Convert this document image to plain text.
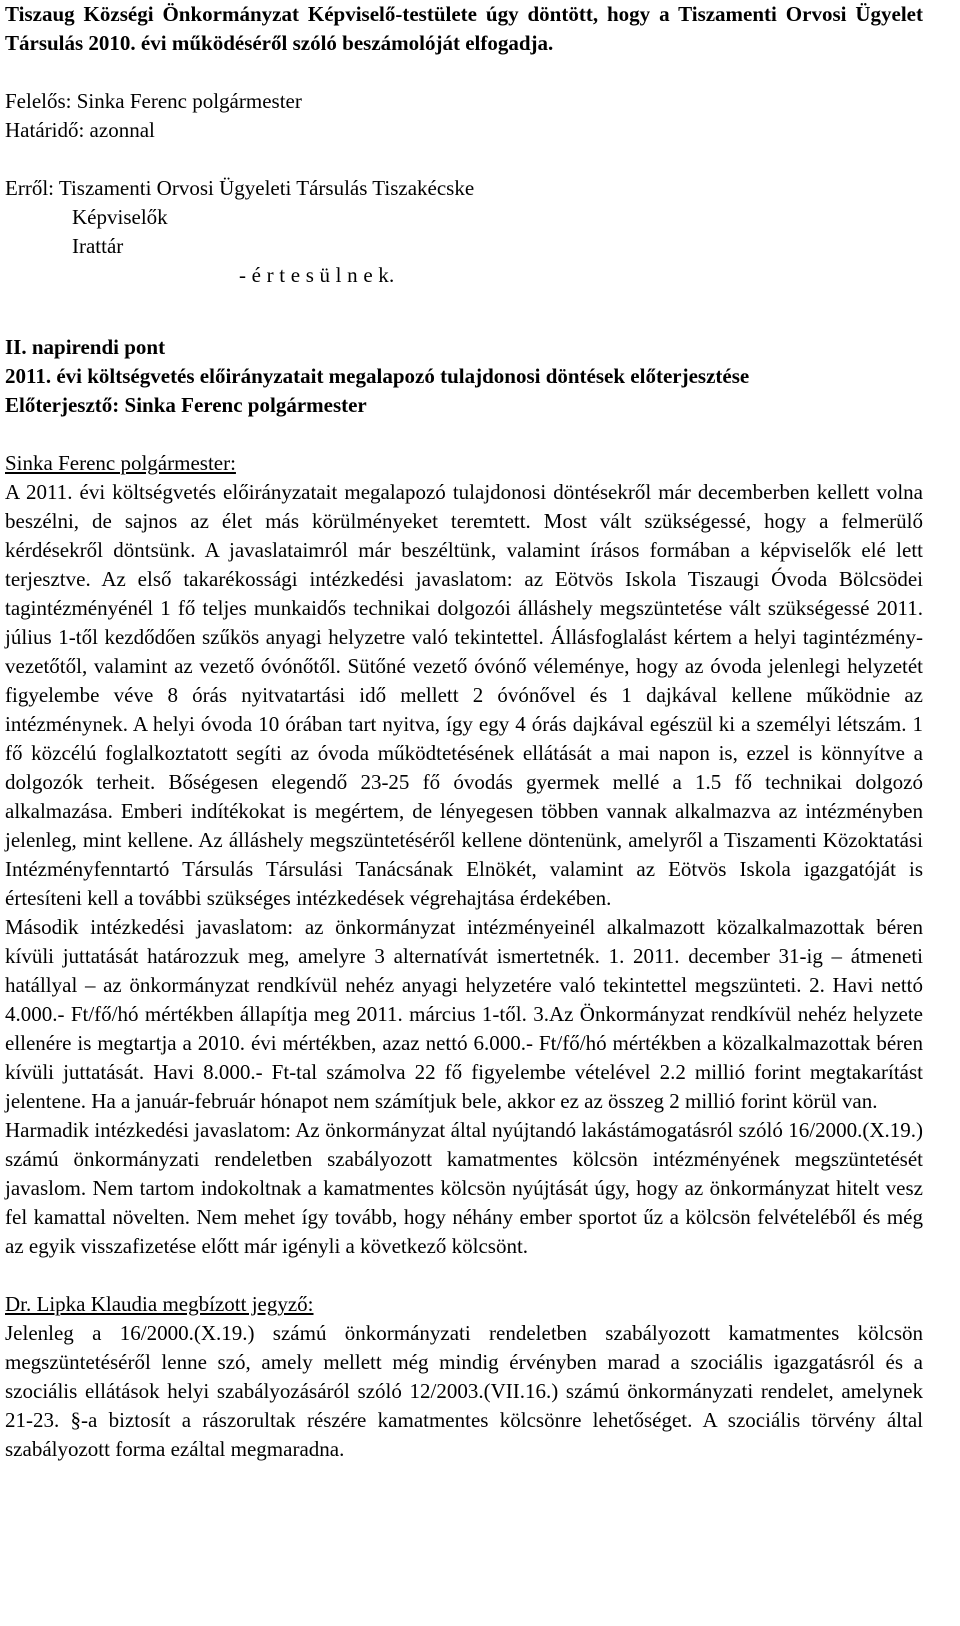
Tiszaug Községi Önkormányzat Képviselő-testülete úgy döntött, hogy a Tiszamenti Orvosi Ügyelet Társulás 2010. évi működéséről szóló beszámolóját elfogadja.

Felelős: Sinka Ferenc polgármester

Határidő: azonnal

Erről: Tiszamenti Orvosi Ügyeleti Társulás Tiszakécske

Képviselők

Irattár

- é r t e s ü l n e k.

II. napirendi pont

2011. évi költségvetés előirányzatait megalapozó tulajdonosi döntések előterjesztése

Előterjesztő: Sinka Ferenc polgármester

Sinka Ferenc polgármester:

A 2011. évi költségvetés előirányzatait megalapozó tulajdonosi döntésekről már decemberben kellett volna beszélni, de sajnos az élet más körülményeket teremtett. Most vált szükségessé, hogy a felmerülő kérdésekről döntsünk. A javaslataimról már beszéltünk, valamint írásos formában a képviselők elé lett terjesztve. Az első takarékossági intézkedési javaslatom: az Eötvös Iskola Tiszaugi Óvoda Bölcsödei tagintézményénél 1 fő teljes munkaidős technikai dolgozói álláshely megszüntetése vált szükségessé 2011. július 1-től kezdődően szűkös anyagi helyzetre való tekintettel. Állásfoglalást kértem a helyi tagintézmény-vezetőtől, valamint az vezető óvónőtől. Sütőné vezető óvónő véleménye, hogy az óvoda jelenlegi helyzetét figyelembe véve 8 órás nyitvatartási idő mellett 2 óvónővel és 1 dajkával kellene működnie az intézménynek. A helyi óvoda 10 órában tart nyitva, így egy 4 órás dajkával egészül ki a személyi létszám. 1 fő közcélú foglalkoztatott segíti az óvoda működtetésének ellátását a mai napon is, ezzel is könnyítve a dolgozók terheit. Bőségesen elegendő 23-25 fő óvodás gyermek mellé a 1.5 fő technikai dolgozó alkalmazása. Emberi indítékokat is megértem, de lényegesen többen vannak alkalmazva az intézményben jelenleg, mint kellene. Az álláshely megszüntetéséről kellene döntenünk, amelyről a Tiszamenti Közoktatási Intézményfenntartó Társulás Társulási Tanácsának Elnökét, valamint az Eötvös Iskola igazgatóját is értesíteni kell a további szükséges intézkedések végrehajtása érdekében.

Második intézkedési javaslatom: az önkormányzat intézményeinél alkalmazott közalkalmazottak béren kívüli juttatását határozzuk meg, amelyre 3 alternatívát ismertetnék. 1. 2011. december 31-ig – átmeneti hatállyal – az önkormányzat rendkívül nehéz anyagi helyzetére való tekintettel megszünteti. 2. Havi nettó 4.000.- Ft/fő/hó mértékben állapítja meg 2011. március 1-től. 3.Az Önkormányzat rendkívül nehéz helyzete ellenére is megtartja a 2010. évi mértékben, azaz nettó 6.000.- Ft/fő/hó mértékben a közalkalmazottak béren kívüli juttatását. Havi 8.000.- Ft-tal számolva 22 fő figyelembe vételével 2.2 millió forint megtakarítást jelentene. Ha a január-február hónapot nem számítjuk bele, akkor ez az összeg 2 millió forint körül van.

Harmadik intézkedési javaslatom: Az önkormányzat által nyújtandó lakástámogatásról szóló 16/2000.(X.19.) számú önkormányzati rendeletben szabályozott kamatmentes kölcsön intézményének megszüntetését javaslom. Nem tartom indokoltnak a kamatmentes kölcsön nyújtását úgy, hogy az önkormányzat hitelt vesz fel kamattal növelten. Nem mehet így tovább, hogy néhány ember sportot űz a kölcsön felvételéből és még az egyik visszafizetése előtt már igényli a következő kölcsönt.

Dr. Lipka Klaudia megbízott jegyző:

Jelenleg a 16/2000.(X.19.) számú önkormányzati rendeletben szabályozott kamatmentes kölcsön megszüntetéséről lenne szó, amely mellett még mindig érvényben marad a szociális igazgatásról és a szociális ellátások helyi szabályozásáról szóló 12/2003.(VII.16.) számú önkormányzati rendelet, amelynek 21-23. §-a biztosít a rászorultak részére kamatmentes kölcsönre lehetőséget. A szociális törvény által szabályozott forma ezáltal megmaradna.
